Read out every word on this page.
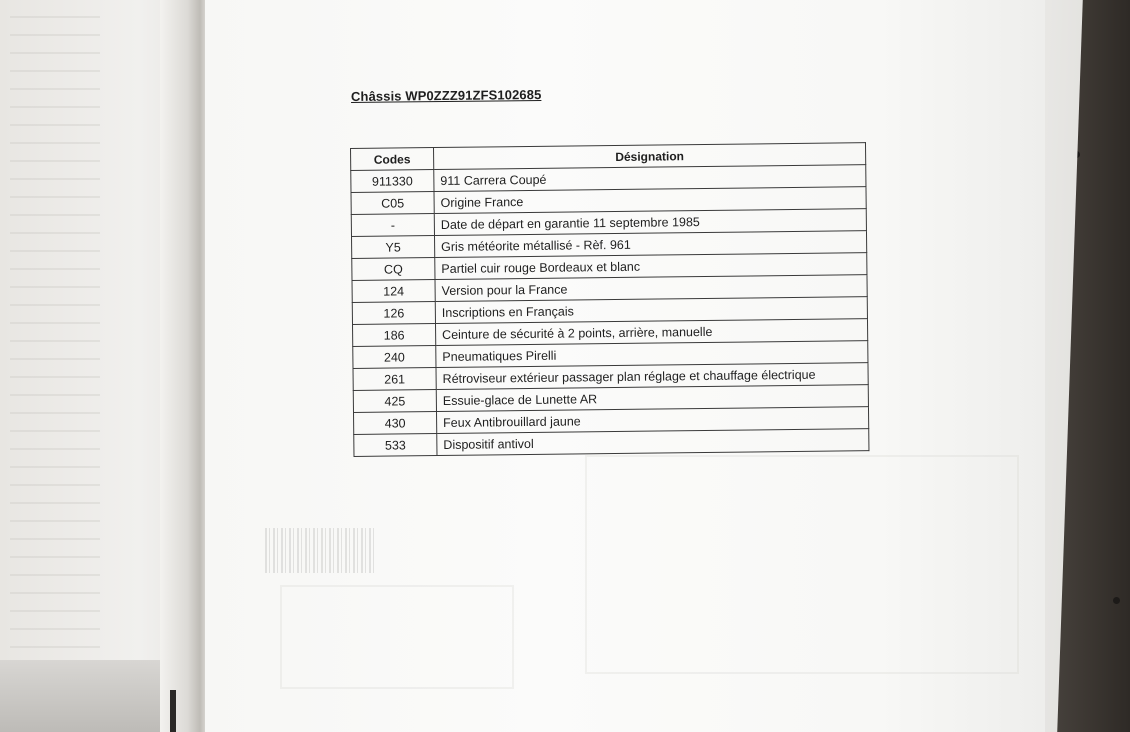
Châssis WP0ZZZ91ZFS102685
Codes	Désignation
911330	911 Carrera Coupé
C05	Origine France
-	Date de départ en garantie 11 septembre 1985
Y5	Gris météorite métallisé - Rèf. 961
CQ	Partiel cuir rouge Bordeaux et blanc
124	Version pour la France
126	Inscriptions en Français
186	Ceinture de sécurité à 2 points, arrière, manuelle
240	Pneumatiques Pirelli
261	Rétroviseur extérieur passager plan réglage et chauffage électrique
425	Essuie-glace de Lunette AR
430	Feux Antibrouillard jaune
533	Dispositif antivol
